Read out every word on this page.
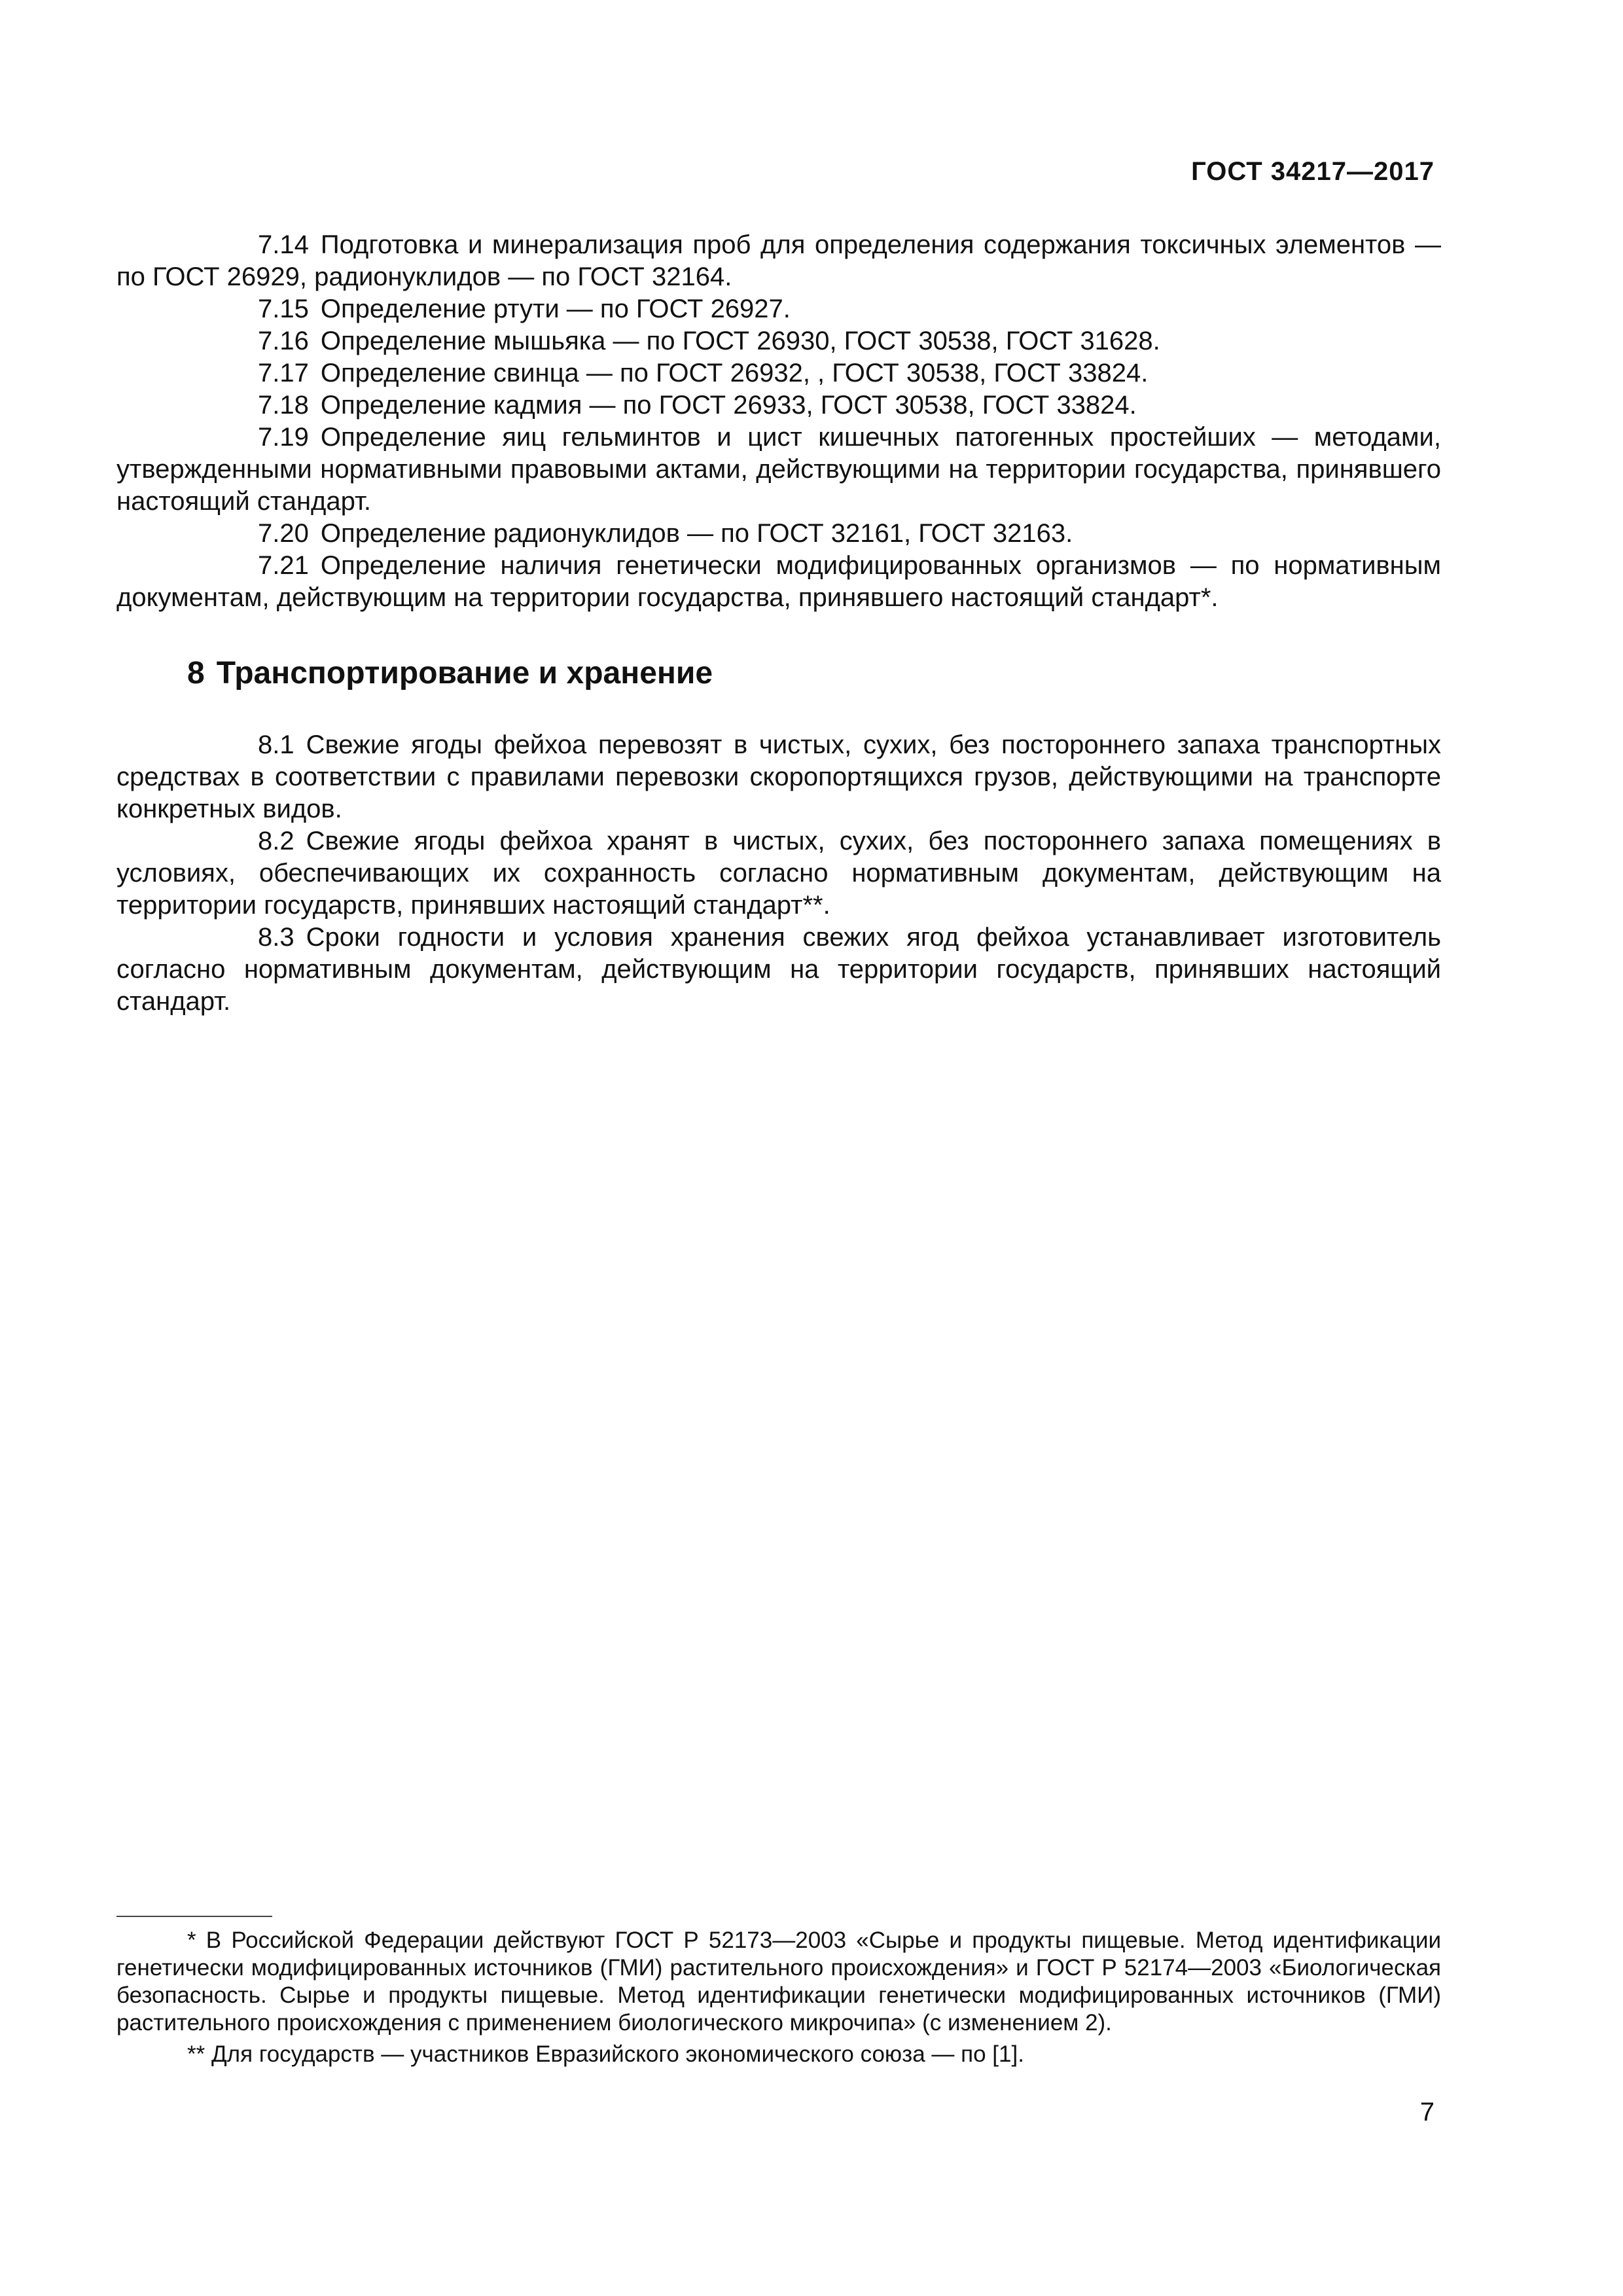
ГОСТ 34217—2017

7.14 Подготовка и минерализация проб для определения содержания токсичных элементов — по ГОСТ 26929, радионуклидов — по ГОСТ 32164.

7.15 Определение ртути — по ГОСТ 26927.

7.16 Определение мышьяка — по ГОСТ 26930, ГОСТ 30538, ГОСТ 31628.

7.17 Определение свинца — по ГОСТ 26932, , ГОСТ 30538, ГОСТ 33824.

7.18 Определение кадмия — по ГОСТ 26933, ГОСТ 30538, ГОСТ 33824.

7.19 Определение яиц гельминтов и цист кишечных патогенных простейших — методами, утвержденными нормативными правовыми актами, действующими на территории государства, принявшего настоящий стандарт.

7.20 Определение радионуклидов — по ГОСТ 32161, ГОСТ 32163.

7.21 Определение наличия генетически модифицированных организмов — по нормативным документам, действующим на территории государства, принявшего настоящий стандарт*.

8 Транспортирование и хранение

8.1 Свежие ягоды фейхоа перевозят в чистых, сухих, без постороннего запаха транспортных средствах в соответствии с правилами перевозки скоропортящихся грузов, действующими на транспорте конкретных видов.

8.2 Свежие ягоды фейхоа хранят в чистых, сухих, без постороннего запаха помещениях в условиях, обеспечивающих их сохранность согласно нормативным документам, действующим на территории государств, принявших настоящий стандарт**.

8.3 Сроки годности и условия хранения свежих ягод фейхоа устанавливает изготовитель согласно нормативным документам, действующим на территории государств, принявших настоящий стандарт.

* В Российской Федерации действуют ГОСТ Р 52173—2003 «Сырье и продукты пищевые. Метод идентификации генетически модифицированных источников (ГМИ) растительного происхождения» и ГОСТ Р 52174—2003 «Биологическая безопасность. Сырье и продукты пищевые. Метод идентификации генетически модифицированных источников (ГМИ) растительного происхождения с применением биологического микрочипа» (с изменением 2).

** Для государств — участников Евразийского экономического союза — по [1].

7
